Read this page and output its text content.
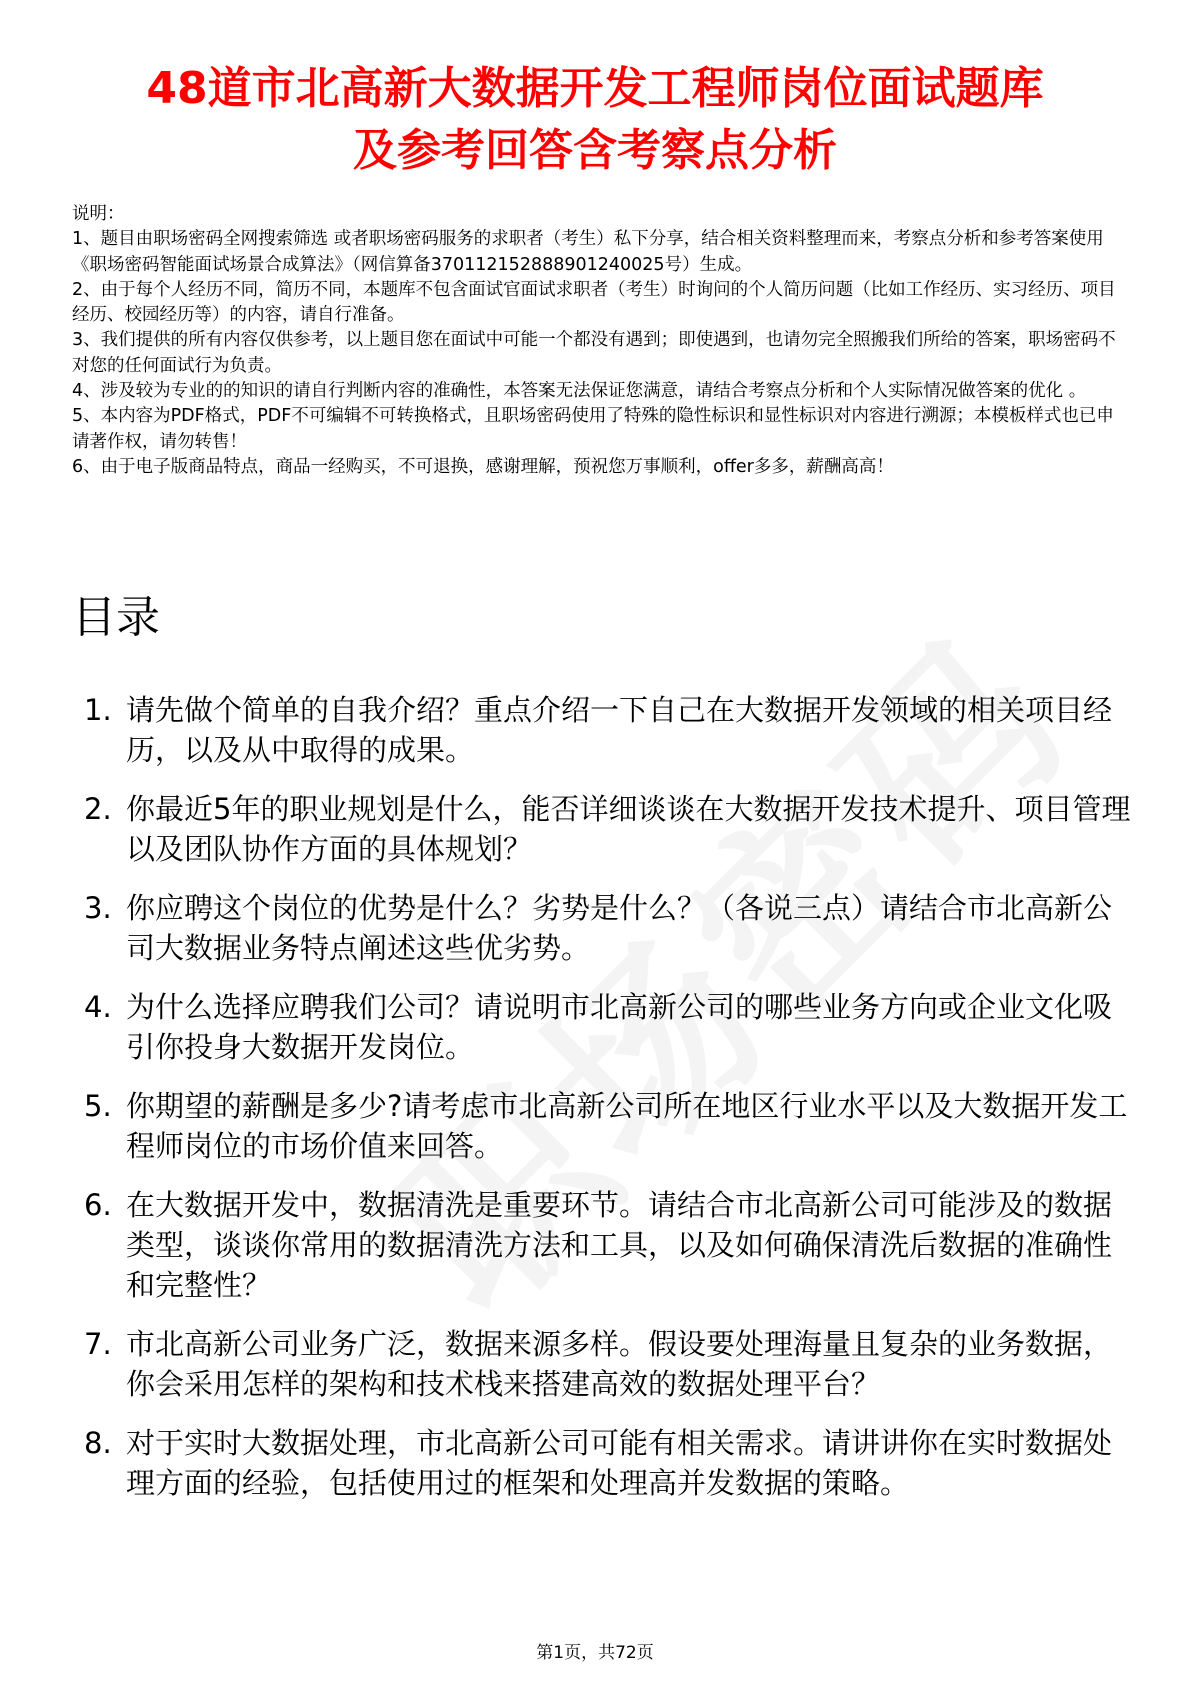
48道市北高新大数据开发工程师岗位面试题库
及参考回答含考察点分析

说明：

1、题目由职场密码全网搜索筛选 或者职场密码服务的求职者（考生）私下分享，结合相关资料整理而来，考察点分析和参考答案使用《职场密码智能面试场景合成算法》（网信算备370112152888901240025号）生成。

2、由于每个人经历不同，简历不同，本题库不包含面试官面试求职者（考生）时询问的个人简历问题（比如工作经历、实习经历、项目经历、校园经历等）的内容，请自行准备。

3、我们提供的所有内容仅供参考，以上题目您在面试中可能一个都没有遇到；即使遇到，也请勿完全照搬我们所给的答案，职场密码不对您的任何面试行为负责。

4、涉及较为专业的的知识的请自行判断内容的准确性，本答案无法保证您满意，请结合考察点分析和个人实际情况做答案的优化 。

5、本内容为PDF格式，PDF不可编辑不可转换格式，且职场密码使用了特殊的隐性标识和显性标识对内容进行溯源；本模板样式也已申请著作权，请勿转售！

6、由于电子版商品特点，商品一经购买，不可退换，感谢理解，预祝您万事顺利，offer多多，薪酬高高！

目录
1. 请先做个简单的自我介绍？重点介绍一下自己在大数据开发领域的相关项目经历，以及从中取得的成果。
2. 你最近5年的职业规划是什么，能否详细谈谈在大数据开发技术提升、项目管理以及团队协作方面的具体规划？
3. 你应聘这个岗位的优势是什么？劣势是什么？（各说三点）请结合市北高新公司大数据业务特点阐述这些优劣势。
4. 为什么选择应聘我们公司？请说明市北高新公司的哪些业务方向或企业文化吸引你投身大数据开发岗位。
5. 你期望的薪酬是多少?请考虑市北高新公司所在地区行业水平以及大数据开发工程师岗位的市场价值来回答。
6. 在大数据开发中，数据清洗是重要环节。请结合市北高新公司可能涉及的数据类型，谈谈你常用的数据清洗方法和工具，以及如何确保清洗后数据的准确性和完整性？
7. 市北高新公司业务广泛，数据来源多样。假设要处理海量且复杂的业务数据，你会采用怎样的架构和技术栈来搭建高效的数据处理平台？
8. 对于实时大数据处理，市北高新公司可能有相关需求。请讲讲你在实时数据处理方面的经验，包括使用过的框架和处理高并发数据的策略。
第1页，共72页
